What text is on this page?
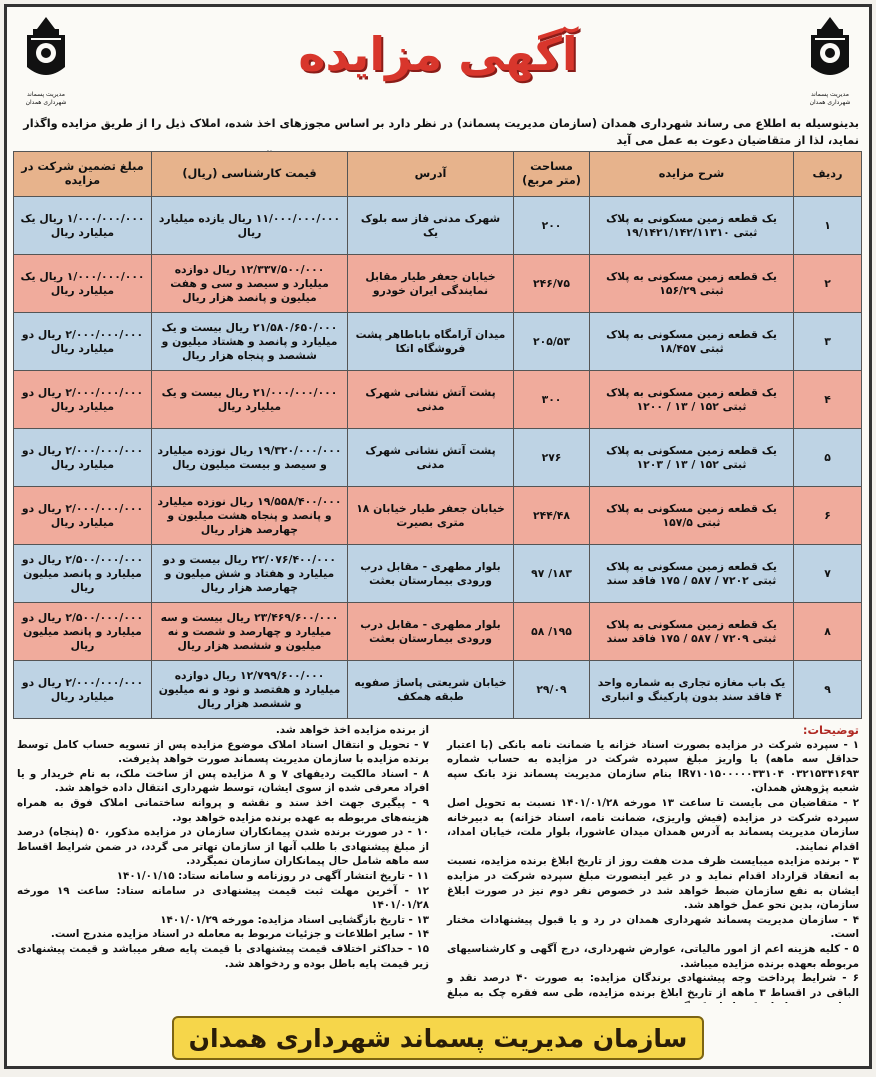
مدیریت پسماند شهرداری همدان
مدیریت پسماند شهرداری همدان
آگهی مزایده
بدینوسیله به اطلاع می رساند شهرداری همدان (سازمان مدیریت پسماند) در نظر دارد بر اساس مجوزهای اخذ شده، املاک ذیل را از طریق مزایده واگذار نماید، لذا از متقاضیان دعوت به عمل می آید
ردیف	شرح مزایده	مساحت (متر مربع)	آدرس	قیمت کارشناسی (ریال)	مبلغ تضمین شرکت در مزایده
۱	یک قطعه زمین مسکونی به پلاک ثبتی ۱۹/۱۴۲۱/۱۴۲/۱۱۳۱۰	۲۰۰	شهرک مدنی فاز سه بلوک یک	۱۱/۰۰۰/۰۰۰/۰۰۰ ریال یازده میلیارد ریال	۱/۰۰۰/۰۰۰/۰۰۰ ریال یک میلیارد ریال
۲	یک قطعه زمین مسکونی به پلاک ثبتی ۱۵۶/۲۹	۲۴۶/۷۵	خیابان جعفر طیار مقابل نمایندگی ایران خودرو	۱۲/۳۳۷/۵۰۰/۰۰۰ ریال دوازده میلیارد و سیصد و سی و هفت میلیون و پانصد هزار ریال	۱/۰۰۰/۰۰۰/۰۰۰ ریال یک میلیارد ریال
۳	یک قطعه زمین مسکونی به پلاک ثبتی ۱۸/۴۵۷	۲۰۵/۵۳	میدان آرامگاه باباطاهر پشت فروشگاه اتکا	۲۱/۵۸۰/۶۵۰/۰۰۰ ریال بیست و یک میلیارد و پانصد و هشتاد میلیون و ششصد و پنجاه هزار ریال	۲/۰۰۰/۰۰۰/۰۰۰ ریال دو میلیارد ریال
۴	یک قطعه زمین مسکونی به پلاک ثبتی ۱۵۲ / ۱۳ / ۱۲۰۰	۳۰۰	پشت آتش نشانی شهرک مدنی	۲۱/۰۰۰/۰۰۰/۰۰۰ ریال بیست و یک میلیارد ریال	۲/۰۰۰/۰۰۰/۰۰۰ ریال دو میلیارد ریال
۵	یک قطعه زمین مسکونی به پلاک ثبتی ۱۵۲ / ۱۳ / ۱۲۰۳	۲۷۶	پشت آتش نشانی شهرک مدنی	۱۹/۳۲۰/۰۰۰/۰۰۰ ریال نوزده میلیارد و سیصد و بیست میلیون ریال	۲/۰۰۰/۰۰۰/۰۰۰ ریال دو میلیارد ریال
۶	یک قطعه زمین مسکونی به پلاک ثبتی ۱۵۷/۵	۲۴۴/۴۸	خیابان جعفر طیار خیابان ۱۸ متری بصیرت	۱۹/۵۵۸/۴۰۰/۰۰۰ ریال نوزده میلیارد و پانصد و پنجاه هشت میلیون و چهارصد هزار ریال	۲/۰۰۰/۰۰۰/۰۰۰ ریال دو میلیارد ریال
۷	یک قطعه زمین مسکونی به پلاک ثبتی ۷۲۰۲ / ۵۸۷ / ۱۷۵ فاقد سند	۱۸۳/ ۹۷	بلوار مطهری - مقابل درب ورودی بیمارستان بعثت	۲۲/۰۷۶/۴۰۰/۰۰۰ ریال بیست و دو میلیارد و هفتاد و شش میلیون و چهارصد هزار ریال	۲/۵۰۰/۰۰۰/۰۰۰ ریال دو میلیارد و پانصد میلیون ریال
۸	یک قطعه زمین مسکونی به پلاک ثبتی ۷۲۰۹ / ۵۸۷ / ۱۷۵ فاقد سند	۱۹۵/ ۵۸	بلوار مطهری - مقابل درب ورودی بیمارستان بعثت	۲۳/۴۶۹/۶۰۰/۰۰۰ ریال بیست و سه میلیارد و چهارصد و شصت و نه میلیون و ششصد هزار ریال	۲/۵۰۰/۰۰۰/۰۰۰ ریال دو میلیارد و پانصد میلیون ریال
۹	یک باب مغازه تجاری به شماره واحد ۴ فاقد سند بدون پارکینگ و انباری	۲۹/۰۹	خیابان شریعتی پاساژ صفویه طبقه همکف	۱۲/۷۹۹/۶۰۰/۰۰۰ ریال دوازده میلیارد و هفتصد و نود و نه میلیون و ششصد هزار ریال	۲/۰۰۰/۰۰۰/۰۰۰ ریال دو میلیارد ریال
توضیحات:
۱ - سپرده شرکت در مزایده بصورت اسناد خزانه یا ضمانت نامه بانکی (با اعتبار حداقل سه ماهه) یا واریز مبلغ سپرده شرکت در مزایده به حساب شماره ۰۳۲۱۵۳۴۱۶۹۳ IR۷۱۰۱۵۰۰۰۰۰۳۳۱۰۴ بنام سازمان مدیریت پسماند نزد بانک سپه شعبه پژوهش همدان.
۲ - متقاضیان می بایست تا ساعت ۱۳ مورخه ۱۴۰۱/۰۱/۲۸ نسبت به تحویل اصل سپرده شرکت در مزایده (فیش واریزی، ضمانت نامه، اسناد خزانه) به دبیرخانه سازمان مدیریت پسماند به آدرس همدان میدان عاشورا، بلوار ملت، خیابان امداد، اقدام نمایند.
۳ - برنده مزایده میبایست ظرف مدت هفت روز از تاریخ ابلاغ برنده مزایده، نسبت به انعقاد قرارداد اقدام نماید و در غیر اینصورت مبلغ سپرده شرکت در مزایده ایشان به نفع سازمان ضبط خواهد شد در خصوص نفر دوم نیز در صورت ابلاغ سازمان، بدین نحو عمل خواهد شد.
۴ - سازمان مدیریت پسماند شهرداری همدان در رد و یا قبول پیشنهادات مختار است.
۵ - کلیه هزینه اعم از امور مالیاتی، عوارض شهرداری، درج آگهی و کارشناسیهای مربوطه بعهده برنده مزایده میباشد.
۶ - شرایط پرداخت وجه پیشنهادی برندگان مزایده: به صورت ۴۰ درصد نقد و الباقی در اقساط ۳ ماهه از تاریخ ابلاغ برنده مزایده، طی سه فقره چک به مبلغ
از برنده مزایده اخذ خواهد شد.
۷ - تحویل و انتقال اسناد املاک موضوع مزایده پس از تسویه حساب کامل توسط برنده مزایده با سازمان مدیریت پسماند صورت خواهد پذیرفت.
۸ - اسناد مالکیت ردیفهای ۷ و ۸ مزایده پس از ساخت ملک، به نام خریدار و یا افراد معرفی شده از سوی ایشان، توسط شهرداری انتقال داده خواهد شد.
۹ - پیگیری جهت اخذ سند و نقشه و پروانه ساختمانی املاک فوق به همراه هزینه‌های مربوطه به عهده برنده مزایده خواهد بود.
۱۰ - در صورت برنده شدن پیمانکاران سازمان در مزایده مذکور، ۵۰ (پنجاه) درصد از مبلغ پیشنهادی با طلب آنها از سازمان تهاتر می گردد، در ضمن شرایط اقساط سه ماهه شامل حال پیمانکاران سازمان نمیگردد.
۱۱ - تاریخ انتشار آگهی در روزنامه و سامانه ستاد: ۱۴۰۱/۰۱/۱۵
۱۲ - آخرین مهلت ثبت قیمت پیشنهادی در سامانه ستاد: ساعت ۱۹ مورخه ۱۴۰۱/۰۱/۲۸
۱۳ - تاریخ بازگشایی اسناد مزایده: مورخه ۱۴۰۱/۰۱/۲۹
۱۴ - سایر اطلاعات و جزئیات مربوط به معامله در اسناد مزایده مندرج است.
۱۵ - حداکثر اختلاف قیمت پیشنهادی با قیمت پایه صفر میباشد و قیمت پیشنهادی زیر قیمت پایه باطل بوده و ردخواهد شد.
سازمان مدیریت پسماند شهرداری همدان
